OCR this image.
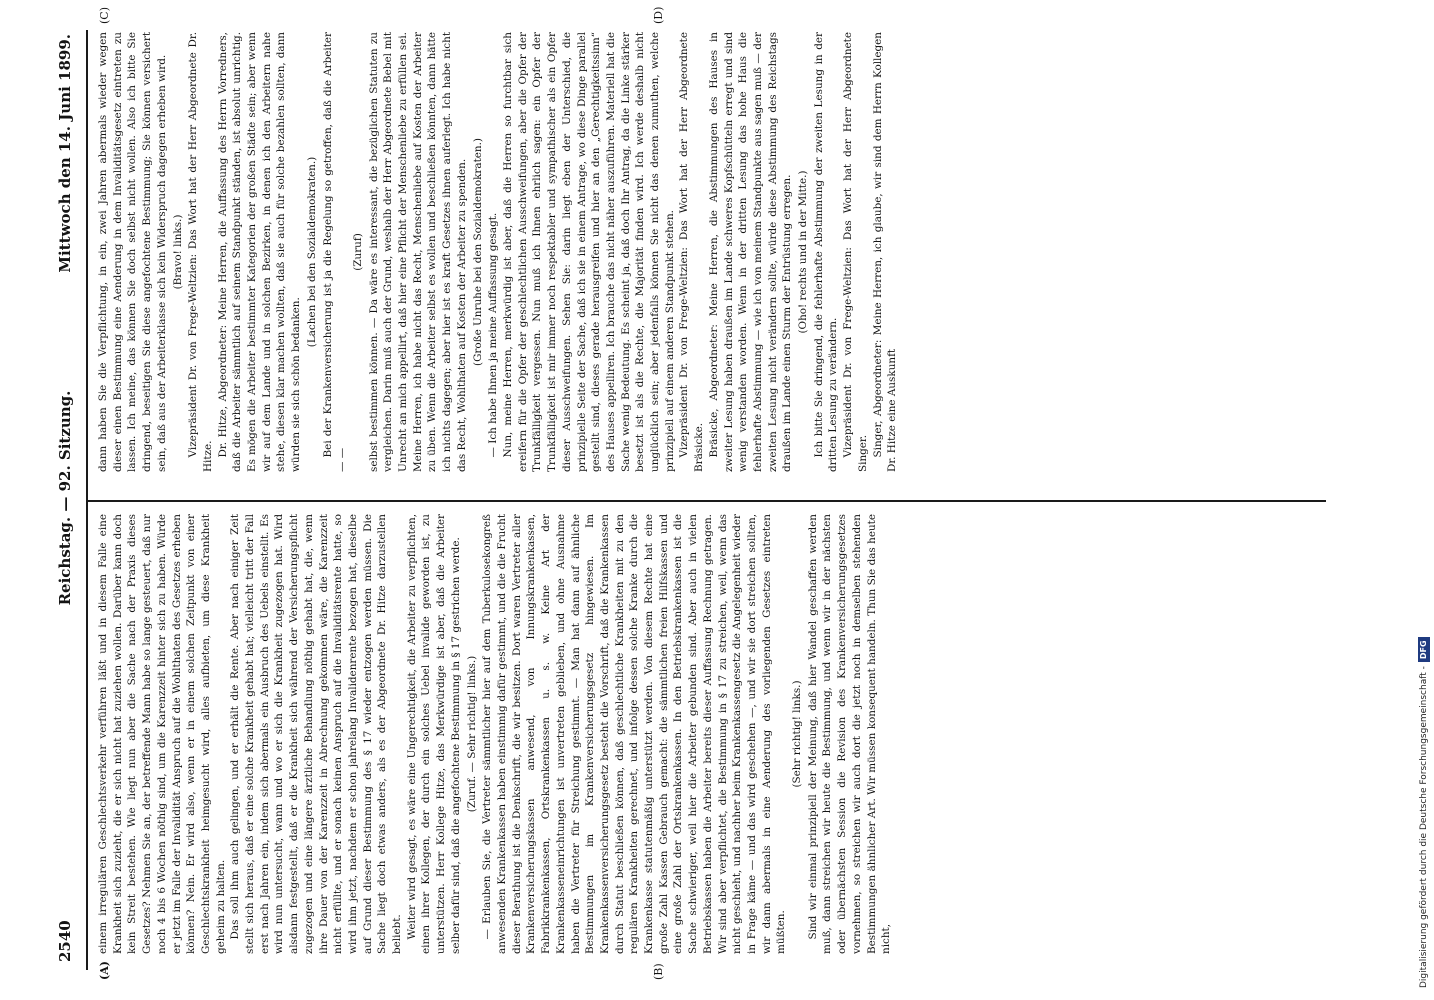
2540
Reichstag. — 92. Sitzung.
Mittwoch den 14. Juni 1899.
(A)	(B)
(C)	(D)

einem irregulären Geschlechtsverkehr verführen läßt und in diesem Falle eine Krankheit sich zuzieht, die er sich nicht hat zuziehen wollen. Darüber kann doch kein Streit bestehen. Wie liegt nun aber die Sache nach der Praxis dieses Gesetzes? Nehmen Sie an, der betreffende Mann habe so lange gesteuert, daß nur noch 4 bis 6 Wochen nöthig sind, um die Karenzzeit hinter sich zu haben. Würde er jetzt im Falle der Invalidität Anspruch auf die Wohlthaten des Gesetzes erheben können? Nein. Er wird also, wenn er in einem solchen Zeitpunkt von einer Geschlechtskrankheit heimgesucht wird, alles aufbieten, um diese Krankheit geheim zu halten. Das soll ihm auch gelingen, und er erhält die Rente. Aber nach einiger Zeit stellt sich heraus, daß er eine solche Krankheit gehabt hat; vielleicht tritt der Fall erst nach Jahren ein, indem sich abermals ein Ausbruch des Uebels einstellt. Es wird nun untersucht, wann und wo er sich die Krankheit zugezogen hat. Wird alsdann festgestellt, daß er die Krankheit sich während der Versicherungspflicht zugezogen und eine längere ärztliche Behandlung nöthig gehabt hat, die, wenn ihre Dauer von der Karenzzeit in Abrechnung gekommen wäre, die Karenzzeit nicht erfüllte, und er sonach keinen Anspruch auf die Invaliditätsrente hatte, so wird ihm jetzt, nachdem er schon jahrelang Invalidenrente bezogen hat, dieselbe auf Grund dieser Bestimmung des § 17 wieder entzogen werden müssen. Die Sache liegt doch etwas anders, als es der Abgeordnete Dr. Hitze darzustellen beliebt. Weiter wird gesagt, es wäre eine Ungerechtigkeit, die Arbeiter zu verpflichten, einen ihrer Kollegen, der durch ein solches Uebel invalide geworden ist, zu unterstützen. Herr Kollege Hitze, das Merkwürdige ist aber, daß die Arbeiter selber dafür sind, daß die angefochtene Bestimmung in § 17 gestrichen werde. (Zuruf. — Sehr richtig! links.) — Erlauben Sie, die Vertreter sämmtlicher hier auf dem Tuberkulosekongreß anwesenden Krankenkassen haben einstimmig dafür gestimmt, und die die Frucht dieser Berathung ist die Denkschrift, die wir besitzen. Dort waren Vertreter aller Krankenversicherungskassen anwesend, von Innungskrankenkassen, Fabrikkrankenkassen, Ortskrankenkassen u. s. w. Keine Art der Krankenkasseneinrichtungen ist unvertreten geblieben, und ohne Ausnahme haben die Vertreter für Streichung gestimmt. — Man hat dann auf ähnliche Bestimmungen im Krankenversicherungsgesetz hingewiesen. Im Krankenkassenversicherungsgesetz besteht die Vorschrift, daß die Krankenkassen durch Statut beschließen können, daß geschlechtliche Krankheiten mit zu den regulären Krankheiten gerechnet, und infolge dessen solche Kranke durch die Krankenkasse statutenmäßig unterstützt werden. Von diesem Rechte hat eine große Zahl Kassen Gebrauch gemacht: die sämmtlichen freien Hilfskassen und eine große Zahl der Ortskrankenkassen. In den Betriebskrankenkassen ist die Sache schwieriger, weil hier die Arbeiter gebunden sind. Aber auch in vielen Betriebskassen haben die Arbeiter bereits dieser Auffassung Rechnung getragen. Wir sind aber verpflichtet, die Bestimmung in § 17 zu streichen, weil, wenn das nicht geschieht, und nachher beim Krankenkassengesetz die Angelegenheit wieder in Frage käme — und das wird geschehen —, und wir sie dort streichen sollten, wir dann abermals in eine Aenderung des vorliegenden Gesetzes eintreten müßten.

(Sehr richtig! links.) Sind wir einmal prinzipiell der Meinung, daß hier Wandel geschaffen werden muß, dann streichen wir heute die Bestimmung, und wenn wir in der nächsten oder übernächsten Session die Revision des Krankenversicherungsgesetzes vornehmen, so streichen wir auch dort die jetzt noch in demselben stehenden Bestimmungen ähnlicher Art. Wir müssen konsequent handeln. Thun Sie das heute nicht,

dann haben Sie die Verpflichtung, in ein, zwei Jahren abermals wieder wegen dieser einen Bestimmung eine Aenderung in dem Invaliditätsgesetz eintreten zu lassen. Ich meine, das können Sie doch selbst nicht wollen. Also ich bitte Sie dringend, beseitigen Sie diese angefochtene Bestimmung; Sie können versichert sein, daß aus der Arbeiterklasse sich kein Widerspruch dagegen erheben wird. (Bravo! links.) Vizepräsident Dr. von Frege-Weltzien: Das Wort hat der Herr Abgeordnete Dr. Hitze. Dr. Hitze, Abgeordneter: Meine Herren, die Auffassung des Herrn Vorredners, daß die Arbeiter sämmtlich auf seinem Standpunkt ständen, ist absolut unrichtig. Es mögen die Arbeiter bestimmter Kategorien der großen Städte sein; aber wenn wir auf dem Lande und in solchen Bezirken, in denen ich den Arbeitern nahe stehe, diesen klar machen wollten, daß sie auch für solche bezahlen sollten, dann würden sie sich schön bedanken.

(Lachen bei den Sozialdemokraten.) Bei der Krankenversicherung ist ja die Regelung so getroffen, daß die Arbeiter — —

(Zuruf) selbst bestimmen können. — Da wäre es interessant, die bezüglichen Statuten zu vergleichen. Darin muß auch der Grund, weshalb der Herr Abgeordnete Bebel mit Unrecht an mich appellirt, daß hier eine Pflicht der Menschenliebe zu erfüllen sei. Meine Herren, ich habe nicht das Recht, Menschenliebe auf Kosten der Arbeiter zu üben. Wenn die Arbeiter selbst es wollen und beschließen könnten, dann hätte ich nichts dagegen; aber hier ist es kraft Gesetzes ihnen auferlegt. Ich habe nicht das Recht, Wohlthaten auf Kosten der Arbeiter zu spenden. (Große Unruhe bei den Sozialdemokraten.) — Ich habe Ihnen ja meine Auffassung gesagt. Nun, meine Herren, merkwürdig ist aber, daß die Herren so furchtbar sich ereifern für die Opfer der geschlechtlichen Ausschweifungen, aber die Opfer der Trunkfälligkeit vergessen. Nun muß ich Ihnen ehrlich sagen: ein Opfer der Trunkfälligkeit ist mir immer noch respektabler und sympathischer als ein Opfer dieser Ausschweifungen. Sehen Sie: darin liegt eben der Unterschied, die prinzipielle Seite der Sache, daß ich sie in einem Antrage, wo diese Dinge parallel gestellt sind, dieses gerade herausgreifen und hier an den „Gerechtigkeitssinn“ des Hauses appelliren. Ich brauche das nicht näher auszuführen. Materiell hat die Sache wenig Bedeutung. Es scheint ja, daß doch Ihr Antrag, da die Linke stärker besetzt ist als die Rechte, die Majorität finden wird. Ich werde deshalb nicht unglücklich sein; aber jedenfalls können Sie nicht das denen zumuthen, welche prinzipiell auf einem anderen Standpunkt stehen. Vizepräsident Dr. von Frege-Weltzien: Das Wort hat der Herr Abgeordnete Bräsicke. Bräsicke, Abgeordneter: Meine Herren, die Abstimmungen des Hauses in zweiter Lesung haben draußen im Lande schweres Kopfschütteln erregt und sind wenig verstanden worden. Wenn in der dritten Lesung das hohe Haus die fehlerhafte Abstimmung — wie ich von meinem Standpunkte aus sagen muß — der zweiten Lesung nicht verändern sollte, würde diese Abstimmung des Reichstags draußen im Lande einen Sturm der Entrüstung erregen. (Oho! rechts und in der Mitte.) Ich bitte Sie dringend, die fehlerhafte Abstimmung der zweiten Lesung in der dritten Lesung zu verändern. Vizepräsident Dr. von Frege-Weltzien: Das Wort hat der Herr Abgeordnete Singer. Singer, Abgeordneter: Meine Herren, ich glaube, wir sind dem Herrn Kollegen Dr. Hitze eine Auskunft

Digitalisierung gefördert durch die Deutsche Forschungsgemeinschaft -DFG
